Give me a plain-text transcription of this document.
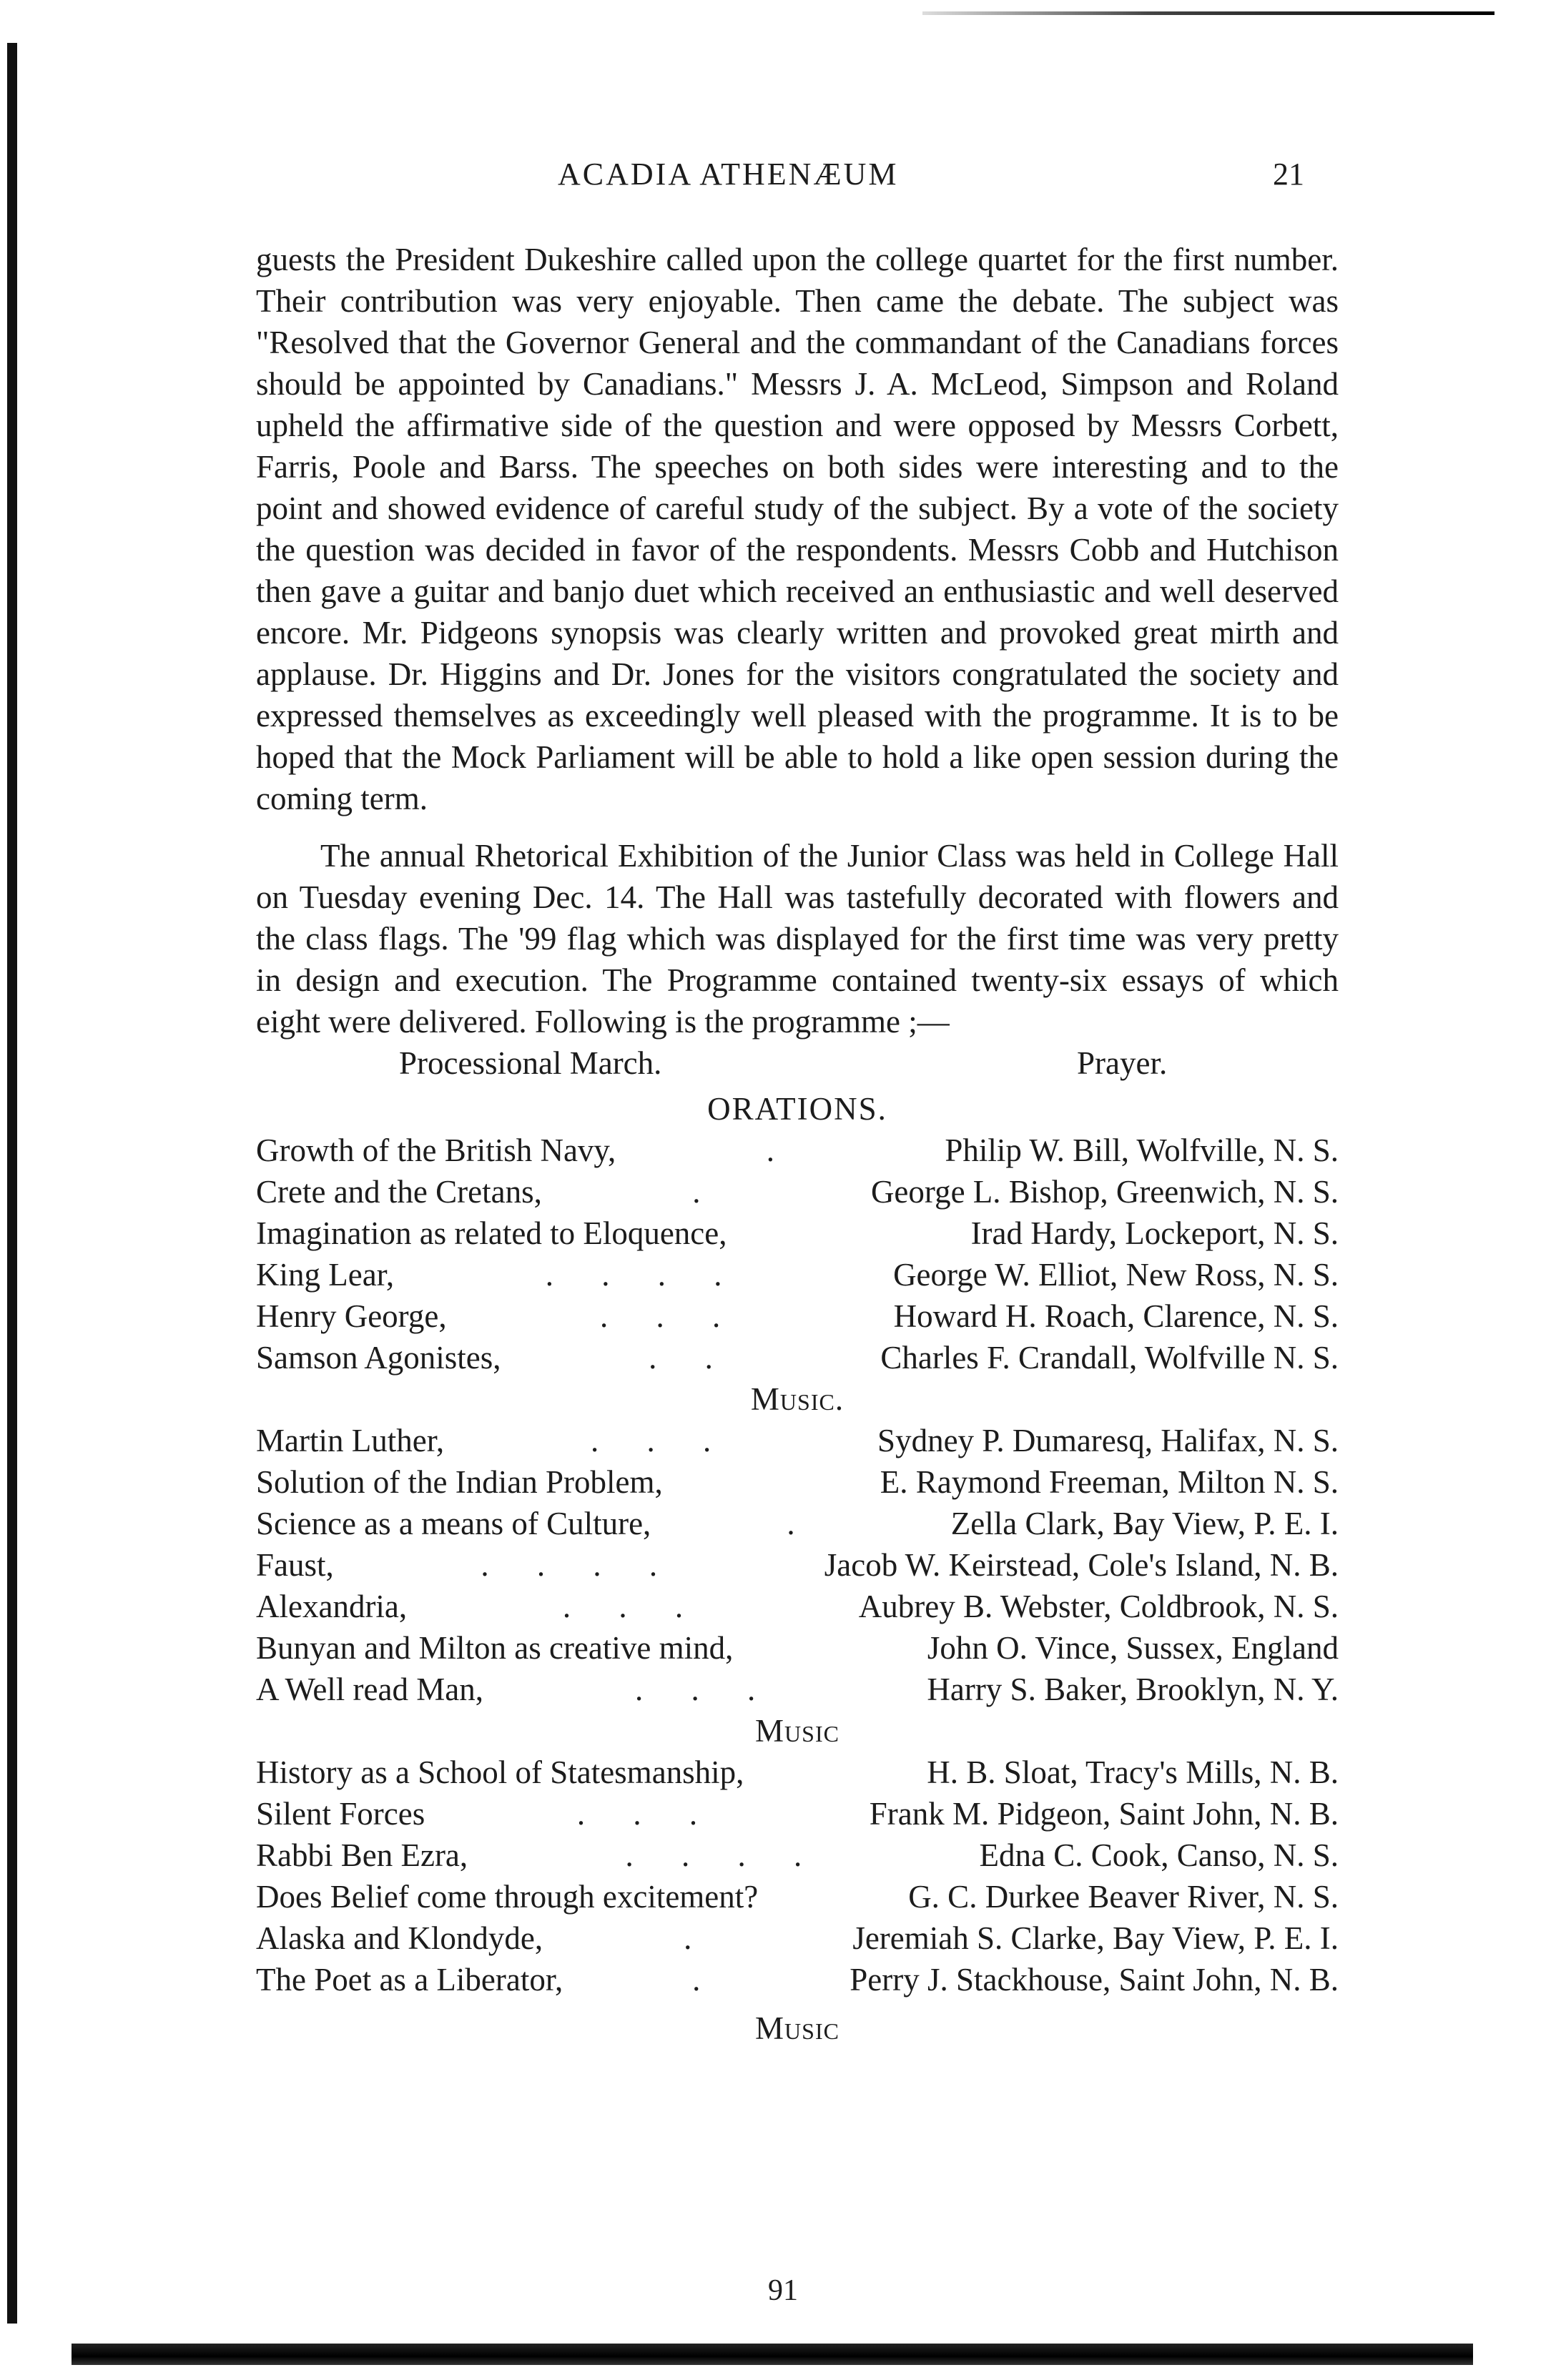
ACADIA ATHENÆUM	21

guests the President Dukeshire called upon the college quartet for the first number. Their contribution was very enjoyable. Then came the debate. The subject was "Resolved that the Governor General and the commandant of the Canadians forces should be appointed by Canadians." Messrs J. A. McLeod, Simpson and Roland upheld the affirmative side of the question and were opposed by Messrs Corbett, Farris, Poole and Barss. The speeches on both sides were interesting and to the point and showed evidence of careful study of the subject. By a vote of the society the question was decided in favor of the respondents. Messrs Cobb and Hutchison then gave a guitar and banjo duet which received an enthusiastic and well deserved encore. Mr. Pidgeons synopsis was clearly written and provoked great mirth and applause. Dr. Higgins and Dr. Jones for the visitors congratulated the society and expressed themselves as exceedingly well pleased with the programme. It is to be hoped that the Mock Parliament will be able to hold a like open session during the coming term.

The annual Rhetorical Exhibition of the Junior Class was held in College Hall on Tuesday evening Dec. 14. The Hall was tastefully decorated with flowers and the class flags. The '99 flag which was displayed for the first time was very pretty in design and execution. The Programme contained twenty-six essays of which eight were delivered. Following is the programme ;—

Processional March.	Prayer.
ORATIONS.
Growth of the British Navy,	.	Philip W. Bill, Wolfville, N. S.
Crete and the Cretans,	.	George L. Bishop, Greenwich, N. S.
Imagination as related to Eloquence,	Irad Hardy, Lockeport, N. S.
King Lear,	. . . .	George W. Elliot, New Ross, N. S.
Henry George,	. . .	Howard H. Roach, Clarence, N. S.
Samson Agonistes,	. .	Charles F. Crandall, Wolfville N. S.
Music.
Martin Luther,	. . .	Sydney P. Dumaresq, Halifax, N. S.
Solution of the Indian Problem,	E. Raymond Freeman, Milton N. S.
Science as a means of Culture,	.	Zella Clark, Bay View, P. E. I.
Faust,	. . . .	Jacob W. Keirstead, Cole's Island, N. B.
Alexandria,	. . .	Aubrey B. Webster, Coldbrook, N. S.
Bunyan and Milton as creative mind,	John O. Vince, Sussex, England
A Well read Man,	. . .	Harry S. Baker, Brooklyn, N. Y.
Music
History as a School of Statesmanship,	H. B. Sloat, Tracy's Mills, N. B.
Silent Forces	. . .	Frank M. Pidgeon, Saint John, N. B.
Rabbi Ben Ezra,	. . . .	Edna C. Cook, Canso, N. S.
Does Belief come through excitement?	G. C. Durkee Beaver River, N. S.
Alaska and Klondyde,	.	Jeremiah S. Clarke, Bay View, P. E. I.
The Poet as a Liberator,	.	Perry J. Stackhouse, Saint John, N. B.
Music
91
